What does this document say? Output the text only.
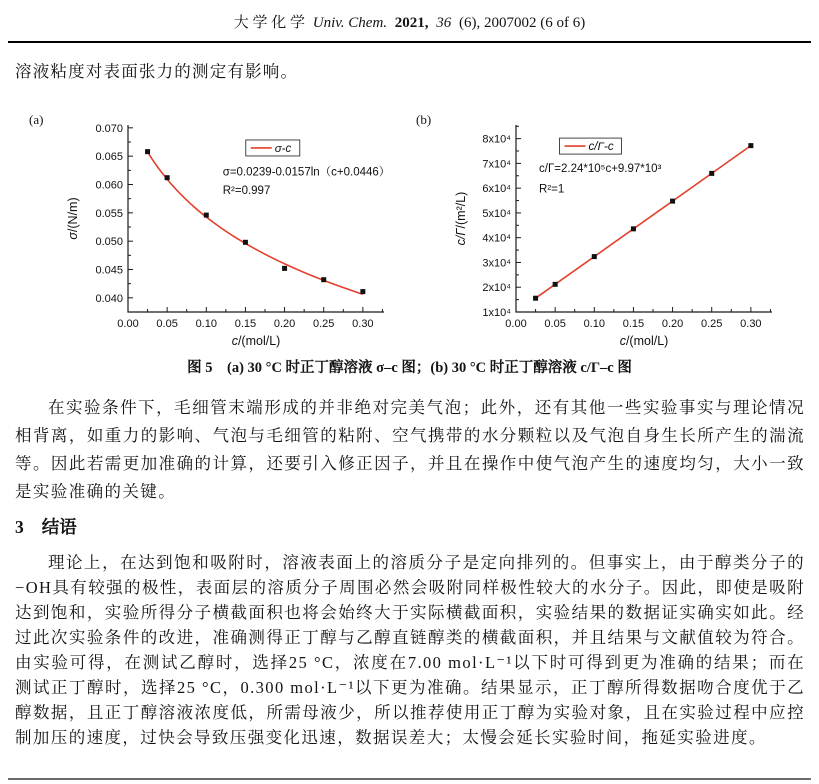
大 学 化 学 Univ. Chem. 2021, 36 (6), 2007002 (6 of 6)

溶液粘度对表面张力的测定有影响。

(a)	(b)
0.00 0.05 0.10 0.15 0.20 0.25 0.30
0.040
0.045
0.050
0.055
0.060
0.065
0.070
c/(mol/L)
σ/(N/m)
σ-c
σ=0.0239-0.0157ln（c+0.0446）
R²=0.997
0.00 0.05 0.10 0.15 0.20 0.25 0.30
1x10⁴
2x10⁴
3x10⁴
4x10⁴
5x10⁴
6x10⁴
7x10⁴
8x10⁴
c/(mol/L)
c/Γ/(m²/L)
c/Γ-c
c/Γ=2.24*10⁵c+9.97*10³
R²=1
图 5　(a) 30 °C 时正丁醇溶液 σ–c 图；(b) 30 °C 时正丁醇溶液 c/Γ–c 图

在实验条件下，毛细管末端形成的并非绝对完美气泡；此外，还有其他一些实验事实与理论情况相背离，如重力的影响、气泡与毛细管的粘附、空气携带的水分颗粒以及气泡自身生长所产生的湍流等。因此若需更加准确的计算，还要引入修正因子，并且在操作中使气泡产生的速度均匀，大小一致是实验准确的关键。

3 结语

理论上，在达到饱和吸附时，溶液表面上的溶质分子是定向排列的。但事实上，由于醇类分子的−OH具有较强的极性，表面层的溶质分子周围必然会吸附同样极性较大的水分子。因此，即使是吸附达到饱和，实验所得分子横截面积也将会始终大于实际横截面积，实验结果的数据证实确实如此。经过此次实验条件的改进，准确测得正丁醇与乙醇直链醇类的横截面积，并且结果与文献值较为符合。由实验可得，在测试乙醇时，选择25 °C，浓度在7.00 mol·L⁻¹以下时可得到更为准确的结果；而在测试正丁醇时，选择25 °C，0.300 mol·L⁻¹以下更为准确。结果显示，正丁醇所得数据吻合度优于乙醇数据，且正丁醇溶液浓度低，所需母液少，所以推荐使用正丁醇为实验对象，且在实验过程中应控制加压的速度，过快会导致压强变化迅速，数据误差大；太慢会延长实验时间，拖延实验进度。
